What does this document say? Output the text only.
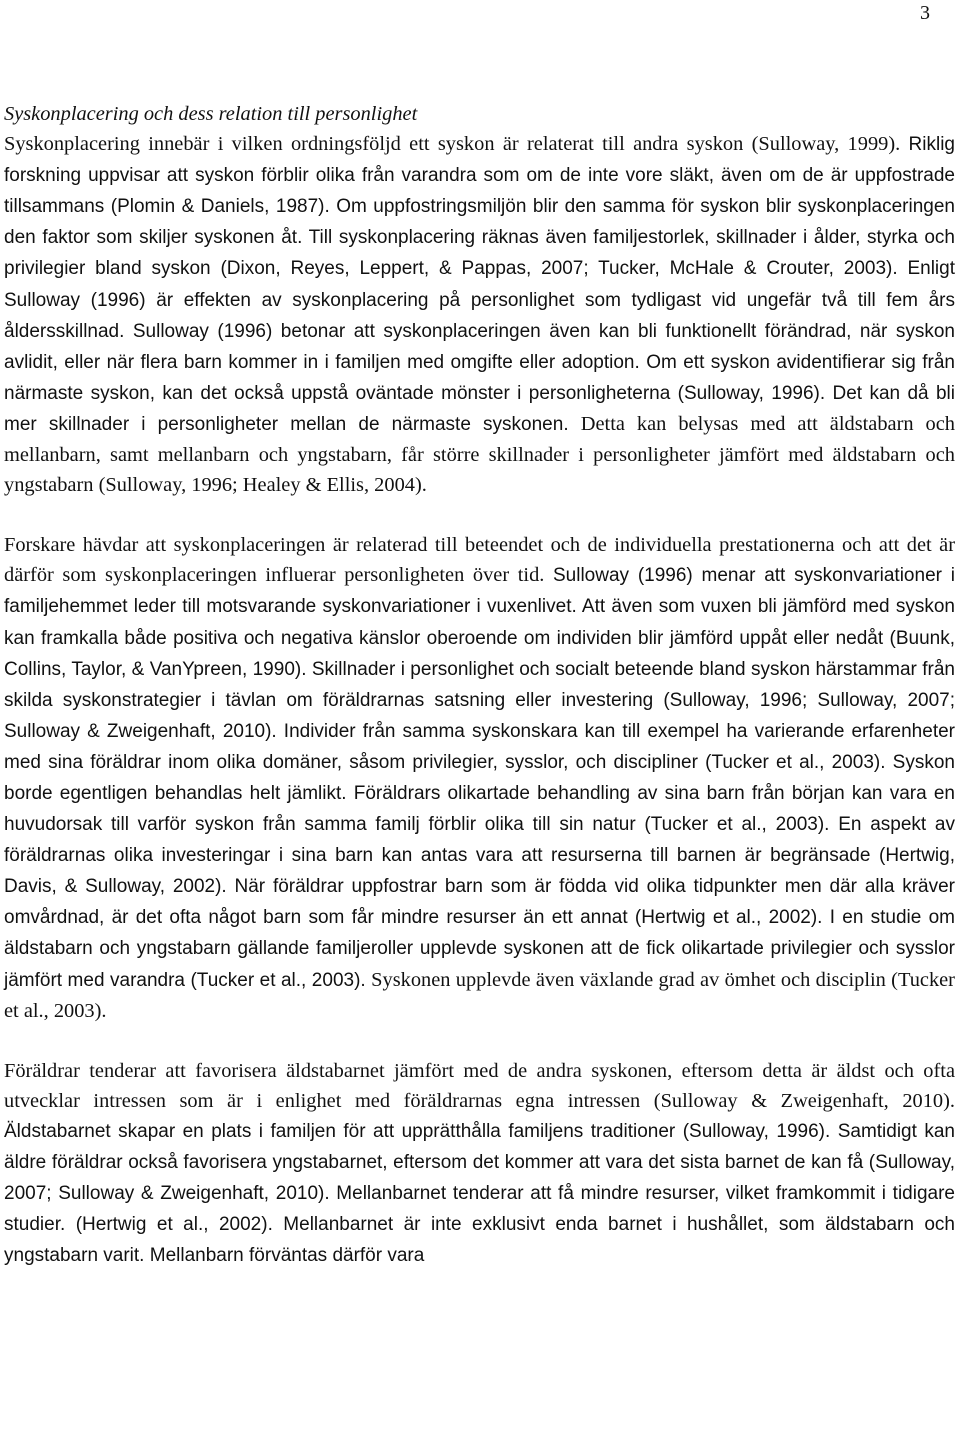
3

Syskonplacering och dess relation till personlighet

Syskonplacering innebär i vilken ordningsföljd ett syskon är relaterat till andra syskon (Sulloway, 1999). Riklig forskning uppvisar att syskon förblir olika från varandra som om de inte vore släkt, även om de är uppfostrade tillsammans (Plomin & Daniels, 1987). Om uppfostringsmiljön blir den samma för syskon blir syskonplaceringen den faktor som skiljer syskonen åt. Till syskonplacering räknas även familjestorlek, skillnader i ålder, styrka och privilegier bland syskon (Dixon, Reyes, Leppert, & Pappas, 2007; Tucker, McHale & Crouter, 2003). Enligt Sulloway (1996) är effekten av syskonplacering på personlighet som tydligast vid ungefär två till fem års åldersskillnad. Sulloway (1996) betonar att syskonplaceringen även kan bli funktionellt förändrad, när syskon avlidit, eller när flera barn kommer in i familjen med omgifte eller adoption. Om ett syskon avidentifierar sig från närmaste syskon, kan det också uppstå oväntade mönster i personligheterna (Sulloway, 1996). Det kan då bli mer skillnader i personligheter mellan de närmaste syskonen. Detta kan belysas med att äldstabarn och mellanbarn, samt mellanbarn och yngstabarn, får större skillnader i personligheter jämfört med äldstabarn och yngstabarn (Sulloway, 1996; Healey & Ellis, 2004).

Forskare hävdar att syskonplaceringen är relaterad till beteendet och de individuella prestationerna och att det är därför som syskonplaceringen influerar personligheten över tid. Sulloway (1996) menar att syskonvariationer i familjehemmet leder till motsvarande syskonvariationer i vuxenlivet. Att även som vuxen bli jämförd med syskon kan framkalla både positiva och negativa känslor oberoende om individen blir jämförd uppåt eller nedåt (Buunk, Collins, Taylor, & VanYpreen, 1990). Skillnader i personlighet och socialt beteende bland syskon härstammar från skilda syskonstrategier i tävlan om föräldrarnas satsning eller investering (Sulloway, 1996; Sulloway, 2007; Sulloway & Zweigenhaft, 2010). Individer från samma syskonskara kan till exempel ha varierande erfarenheter med sina föräldrar inom olika domäner, såsom privilegier, sysslor, och discipliner (Tucker et al., 2003). Syskon borde egentligen behandlas helt jämlikt. Föräldrars olikartade behandling av sina barn från början kan vara en huvudorsak till varför syskon från samma familj förblir olika till sin natur (Tucker et al., 2003). En aspekt av föräldrarnas olika investeringar i sina barn kan antas vara att resurserna till barnen är begränsade (Hertwig, Davis, & Sulloway, 2002). När föräldrar uppfostrar barn som är födda vid olika tidpunkter men där alla kräver omvårdnad, är det ofta något barn som får mindre resurser än ett annat (Hertwig et al., 2002). I en studie om äldstabarn och yngstabarn gällande familjeroller upplevde syskonen att de fick olikartade privilegier och sysslor jämfört med varandra (Tucker et al., 2003). Syskonen upplevde även växlande grad av ömhet och disciplin (Tucker et al., 2003).

Föräldrar tenderar att favorisera äldstabarnet jämfört med de andra syskonen, eftersom detta är äldst och ofta utvecklar intressen som är i enlighet med föräldrarnas egna intressen (Sulloway & Zweigenhaft, 2010). Äldstabarnet skapar en plats i familjen för att upprätthålla familjens traditioner (Sulloway, 1996). Samtidigt kan äldre föräldrar också favorisera yngstabarnet, eftersom det kommer att vara det sista barnet de kan få (Sulloway, 2007; Sulloway & Zweigenhaft, 2010). Mellanbarnet tenderar att få mindre resurser, vilket framkommit i tidigare studier. (Hertwig et al., 2002). Mellanbarnet är inte exklusivt enda barnet i hushållet, som äldstabarn och yngstabarn varit. Mellanbarn förväntas därför vara
